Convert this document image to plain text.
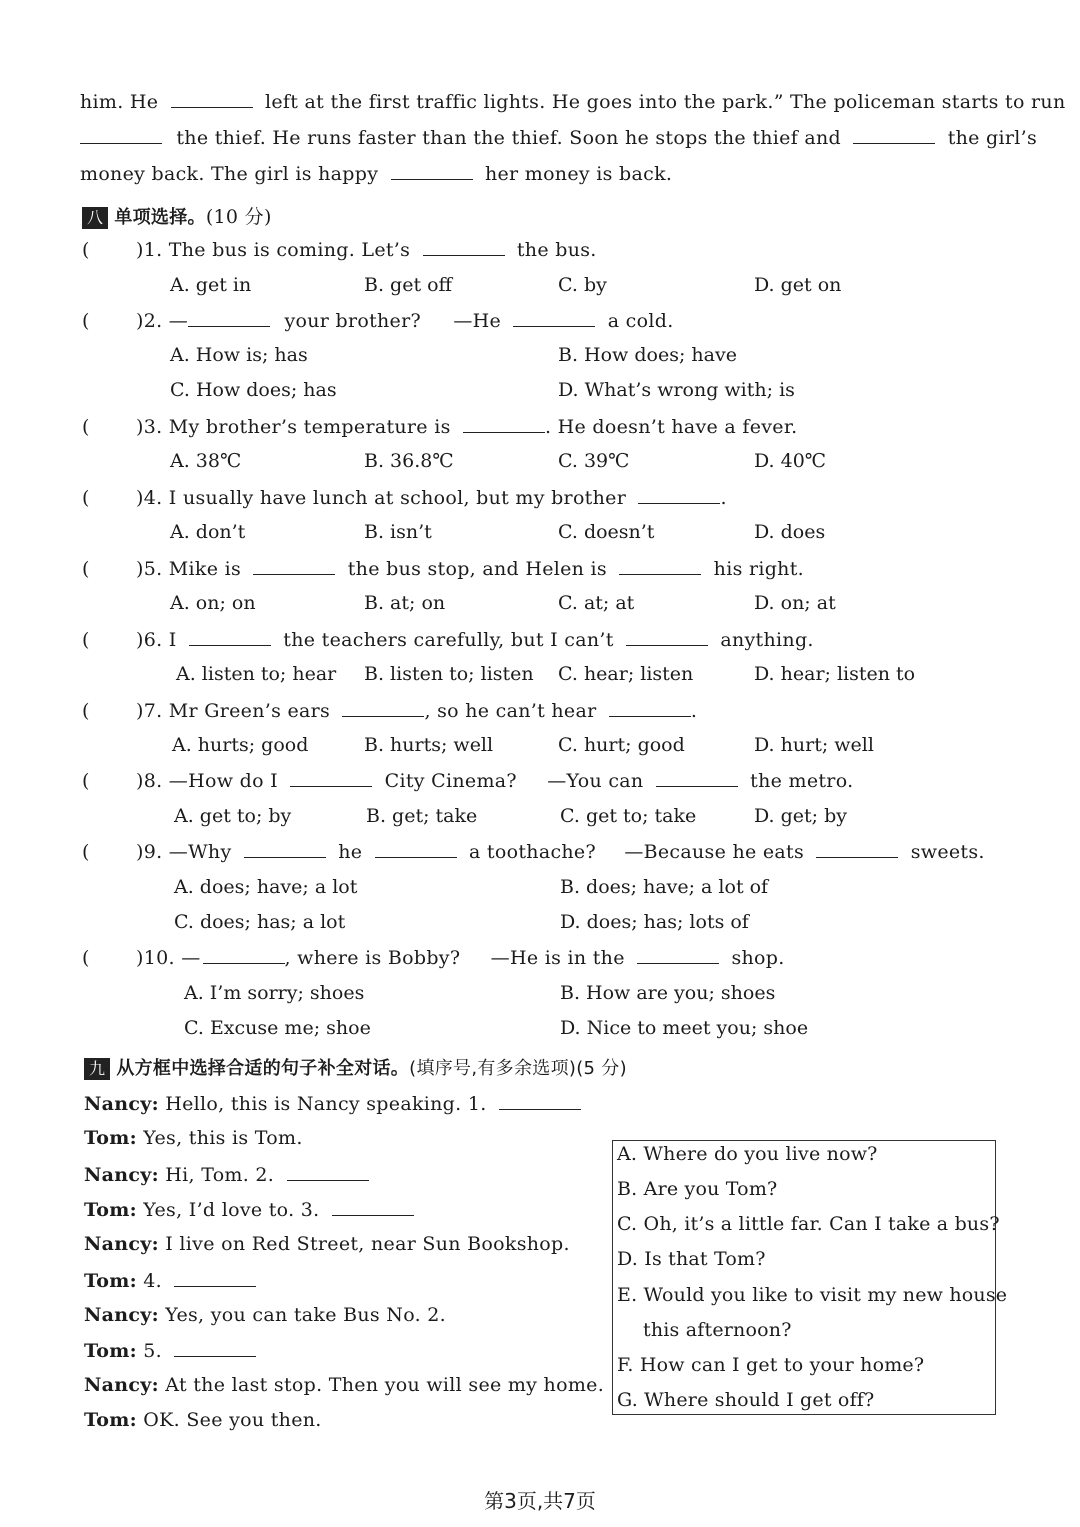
him. He	left at the first traffic lights. He goes into the park.” The policeman starts to run
the thief. He runs faster than the thief. Soon he stops the thief and	the girl’s
money back. The girl is happy	her money is back.
八 单项选择。(10 分)
( )1. The bus is coming. Let’s	the bus.
A. get in	B. get off	C. by	D. get on
( )2. —	your brother? —He	a cold.
A. How is; has	B. How does; have
C. How does; has	D. What’s wrong with; is
( )3. My brother’s temperature is	. He doesn’t have a fever.
A. 38℃	B. 36.8℃	C. 39℃	D. 40℃
( )4. I usually have lunch at school, but my brother	.
A. don’t	B. isn’t	C. doesn’t	D. does
( )5. Mike is	the bus stop, and Helen is	his right.
A. on; on	B. at; on	C. at; at	D. on; at
( )6. I	the teachers carefully, but I can’t	anything.
A. listen to; hear B. listen to; listen C. hear; listen	D. hear; listen to
( )7. Mr Green’s ears	, so he can’t hear	.
A. hurts; good	B. hurts; well	C. hurt; good	D. hurt; well
( )8. —How do I	City Cinema? —You can	the metro.
A. get to; by	B. get; take	C. get to; take	D. get; by
( )9. —Why	he	a toothache? —Because he eats	sweets.
A. does; have; a lot	B. does; have; a lot of
C. does; has; a lot	D. does; has; lots of
( )10. —	, where is Bobby? —He is in the	shop.
A. I’m sorry; shoes	B. How are you; shoes
C. Excuse me; shoe	D. Nice to meet you; shoe
九 从方框中选择合适的句子补全对话。(填序号,有多余选项)(5 分)
Nancy: Hello, this is Nancy speaking. 1.
Tom: Yes, this is Tom.
Nancy: Hi, Tom. 2.
Tom: Yes, I’d love to. 3.
Nancy: I live on Red Street, near Sun Bookshop.
Tom: 4.
Nancy: Yes, you can take Bus No. 2.
Tom: 5.
Nancy: At the last stop. Then you will see my home.
Tom: OK. See you then.
A. Where do you live now?
B. Are you Tom?
C. Oh, it’s a little far. Can I take a bus?
D. Is that Tom?
E. Would you like to visit my new house
this afternoon?
F. How can I get to your home?
G. Where should I get off?
第3页,共7页
